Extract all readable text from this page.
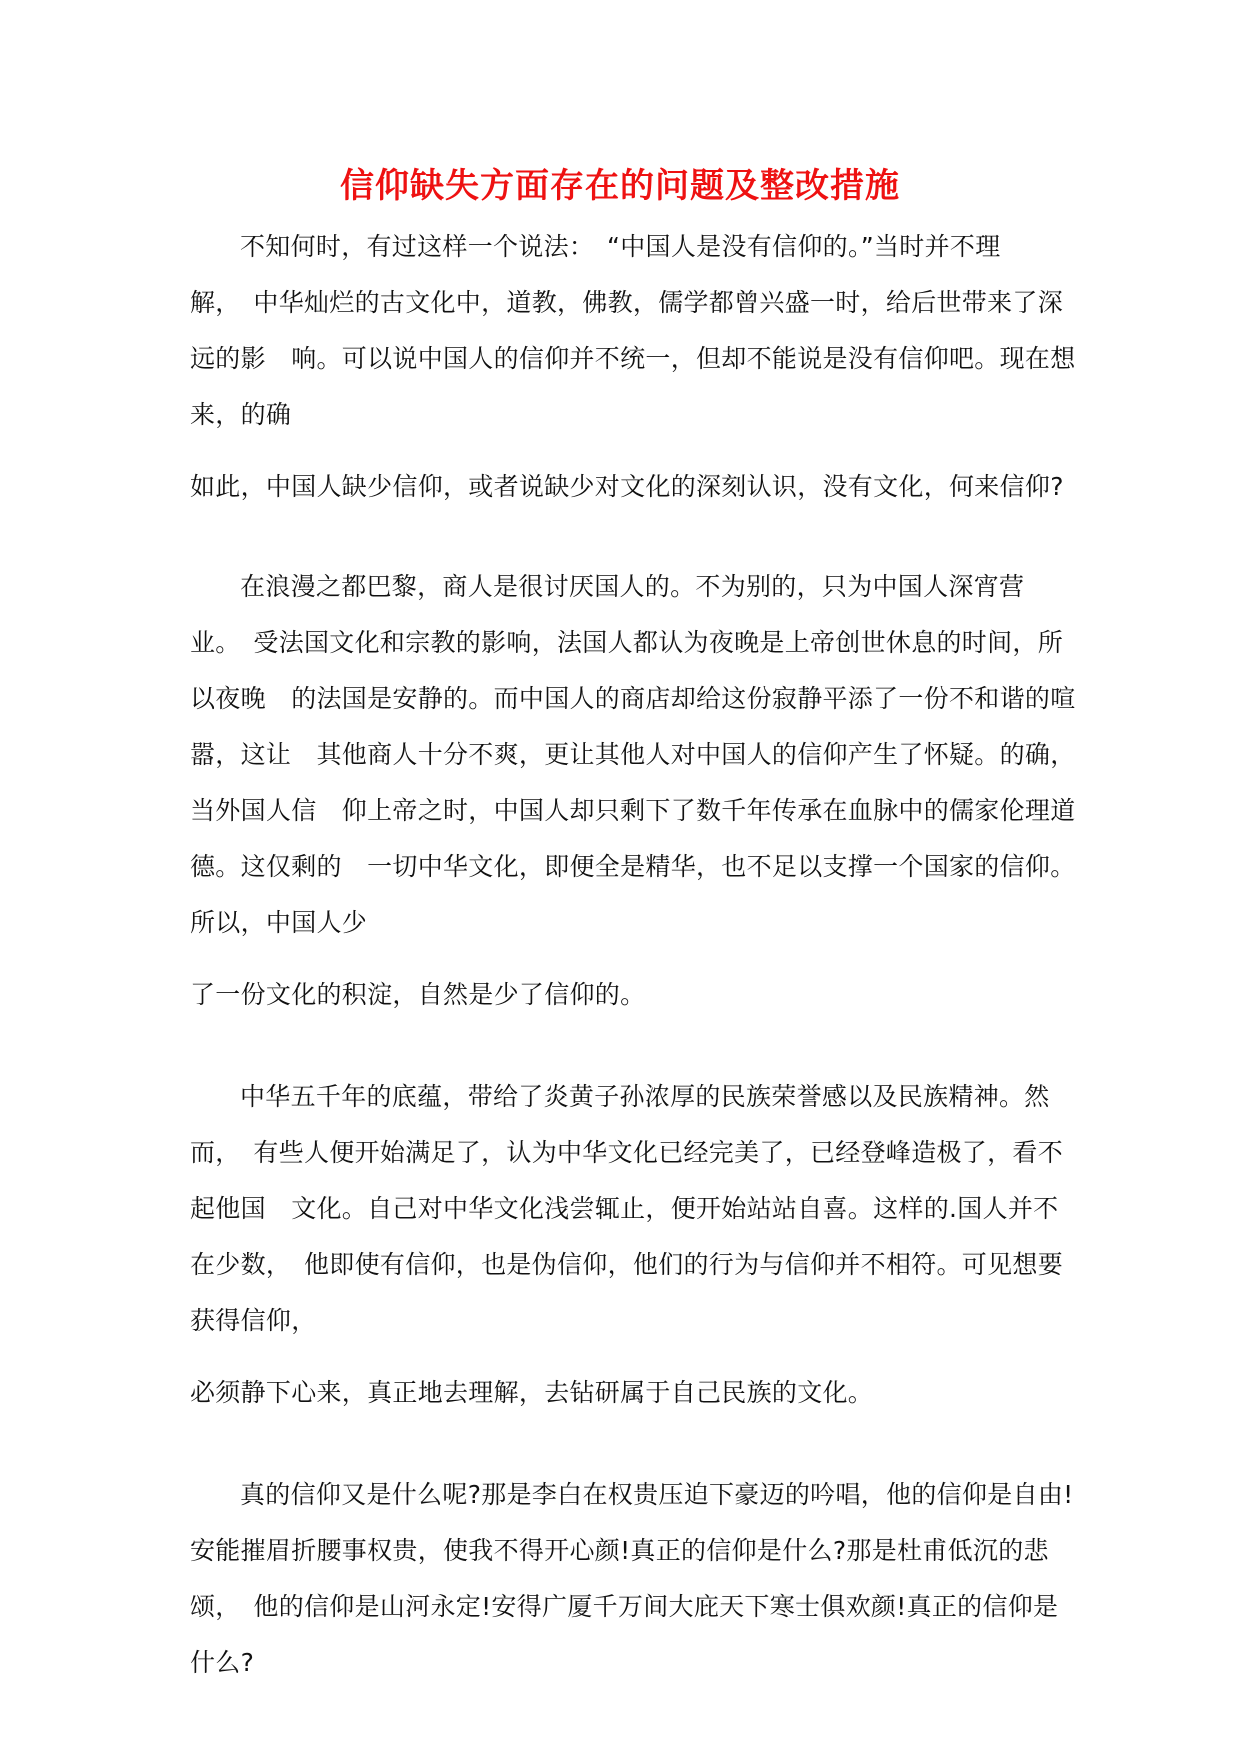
信仰缺失方面存在的问题及整改措施
不知何时，有过这样一个说法：　“中国人是没有信仰的。”当时并不理
解，　中华灿烂的古文化中，道教，佛教，儒学都曾兴盛一时，给后世带来了深
远的影　响。可以说中国人的信仰并不统一，但却不能说是没有信仰吧。现在想
来，的确
如此，中国人缺少信仰，或者说缺少对文化的深刻认识，没有文化，何来信仰?
在浪漫之都巴黎，商人是很讨厌国人的。不为别的，只为中国人深宵营
业。　受法国文化和宗教的影响，法国人都认为夜晚是上帝创世休息的时间，所
以夜晚　的法国是安静的。而中国人的商店却给这份寂静平添了一份不和谐的喧
嚣，这让　其他商人十分不爽，更让其他人对中国人的信仰产生了怀疑。的确，
当外国人信　仰上帝之时，中国人却只剩下了数千年传承在血脉中的儒家伦理道
德。这仅剩的　一切中华文化，即便全是精华，也不足以支撑一个国家的信仰。
所以，中国人少
了一份文化的积淀，自然是少了信仰的。
中华五千年的底蕴，带给了炎黄子孙浓厚的民族荣誉感以及民族精神。然
而，　有些人便开始满足了，认为中华文化已经完美了，已经登峰造极了，看不
起他国　文化。自己对中华文化浅尝辄止，便开始站站自喜。这样的.国人并不
在少数，　他即使有信仰，也是伪信仰，他们的行为与信仰并不相符。可见想要
获得信仰，
必须静下心来，真正地去理解，去钻研属于自己民族的文化。
真的信仰又是什么呢?那是李白在权贵压迫下豪迈的吟唱，他的信仰是自由!
安能摧眉折腰事权贵，使我不得开心颜!真正的信仰是什么?那是杜甫低沉的悲
颂，　他的信仰是山河永定!安得广厦千万间大庇天下寒士俱欢颜!真正的信仰是
什么?
